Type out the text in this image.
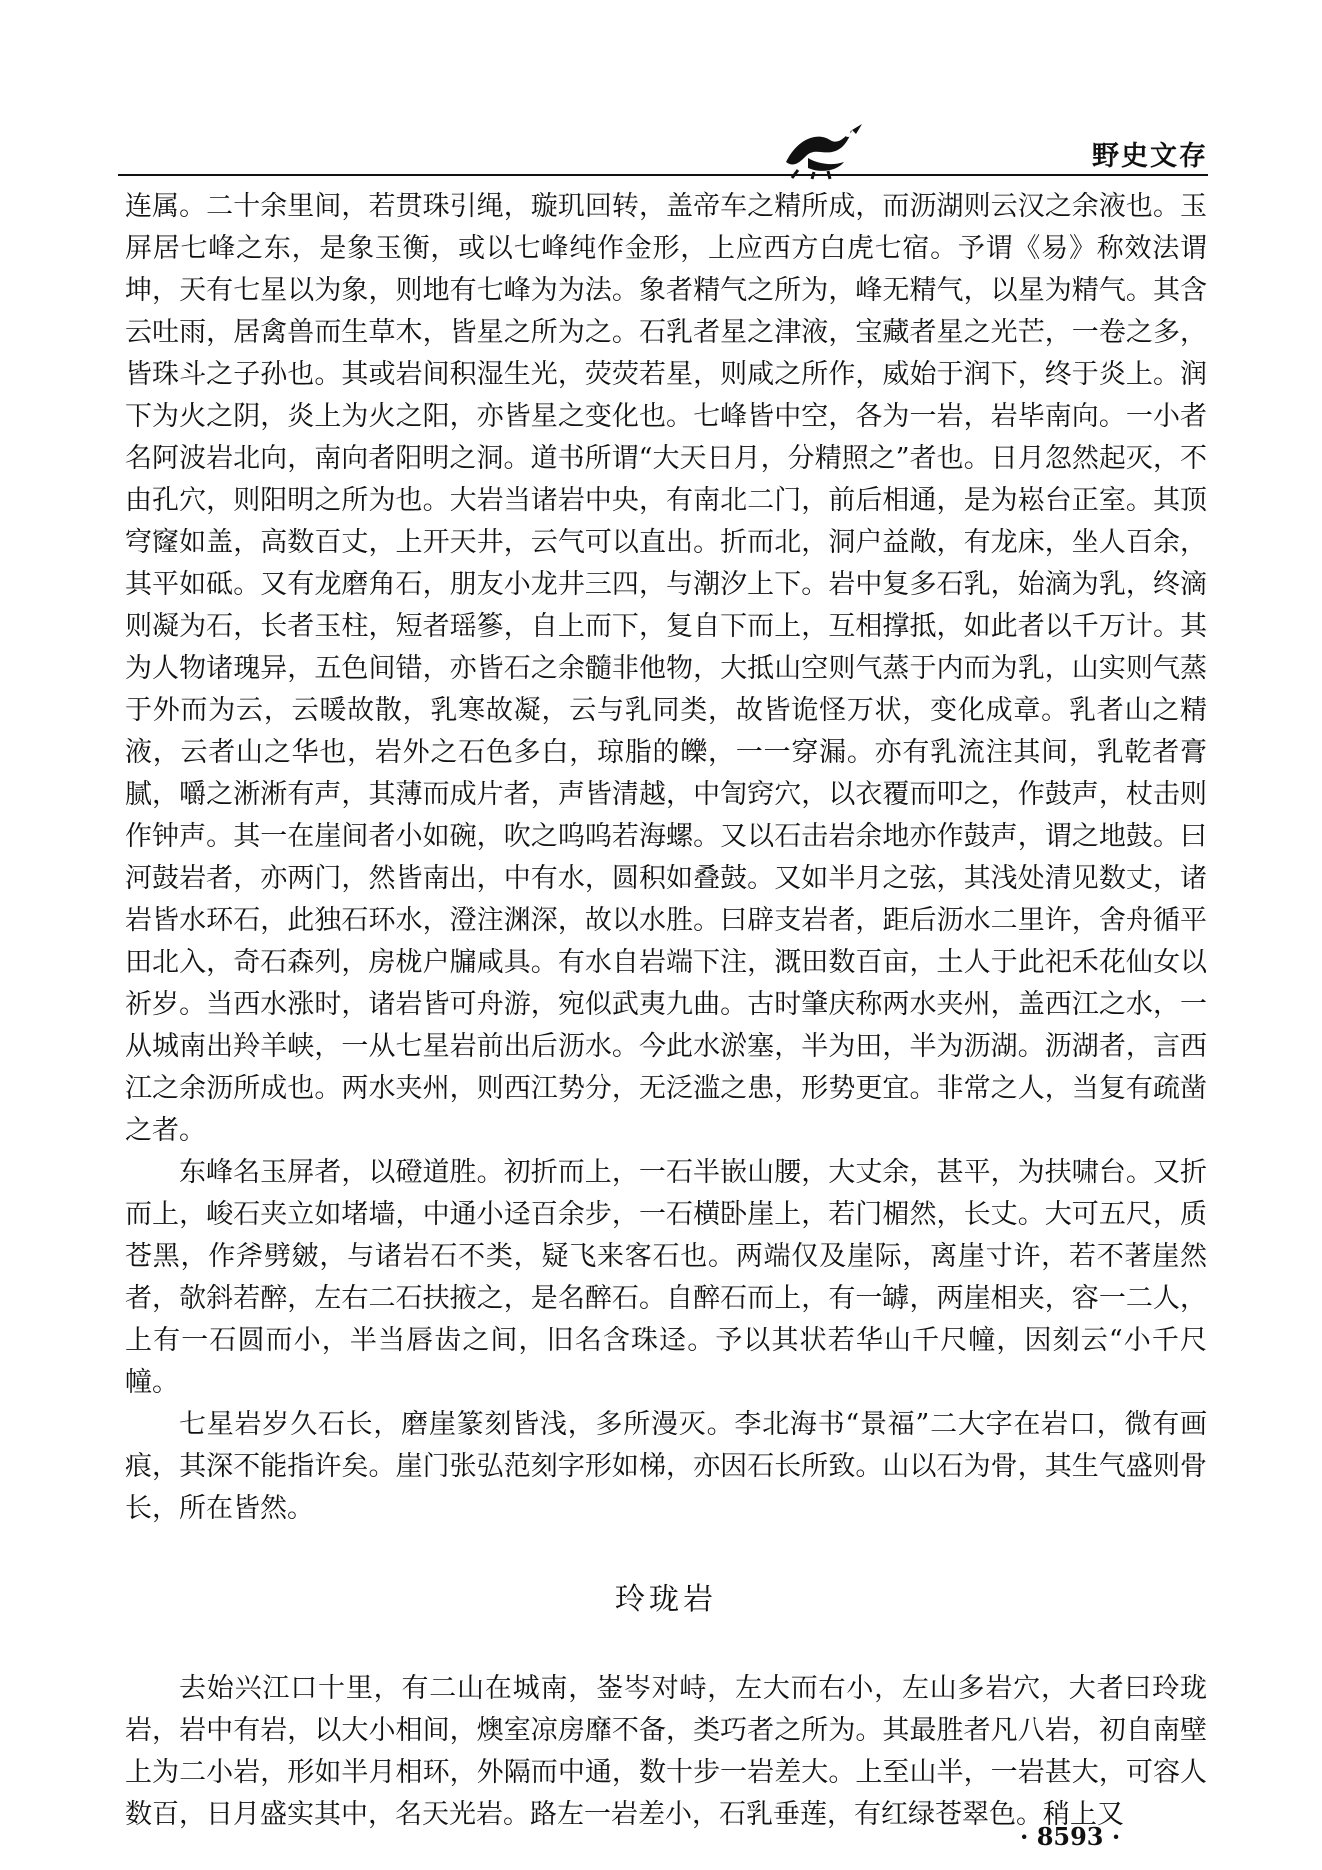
野史文存

连属。二十余里间，若贯珠引绳，璇玑回转，盖帝车之精所成，而沥湖则云汉之余液也。玉屏居七峰之东，是象玉衡，或以七峰纯作金形，上应西方白虎七宿。予谓《易》称效法谓坤，天有七星以为象，则地有七峰为为法。象者精气之所为，峰无精气，以星为精气。其含云吐雨，居禽兽而生草木，皆星之所为之。石乳者星之津液，宝藏者星之光芒，一卷之多，皆珠斗之子孙也。其或岩间积湿生光，荧荧若星，则咸之所作，威始于润下，终于炎上。润下为火之阴，炎上为火之阳，亦皆星之变化也。七峰皆中空，各为一岩，岩毕南向。一小者名阿波岩北向，南向者阳明之洞。道书所谓“大天日月，分精照之”者也。日月忽然起灭，不由孔穴，则阳明之所为也。大岩当诸岩中央，有南北二门，前后相通，是为崧台正室。其顶穹窿如盖，高数百丈，上开天井，云气可以直出。折而北，洞户益敞，有龙床，坐人百余，其平如砥。又有龙磨角石，朋友小龙井三四，与潮汐上下。岩中复多石乳，始滴为乳，终滴则凝为石，长者玉柱，短者瑶篸，自上而下，复自下而上，互相撑抵，如此者以千万计。其为人物诸瑰异，五色间错，亦皆石之余髓非他物，大抵山空则气蒸于内而为乳，山实则气蒸于外而为云，云暖故散，乳寒故凝，云与乳同类，故皆诡怪万状，变化成章。乳者山之精液，云者山之华也，岩外之石色多白，琼脂的皪，一一穿漏。亦有乳流注其间，乳乾者膏腻，嚼之淅淅有声，其薄而成片者，声皆清越，中訇窍穴，以衣覆而叩之，作鼓声，杖击则作钟声。其一在崖间者小如碗，吹之呜呜若海螺。又以石击岩余地亦作鼓声，谓之地鼓。曰河鼓岩者，亦两门，然皆南出，中有水，圆积如叠鼓。又如半月之弦，其浅处清见数丈，诸岩皆水环石，此独石环水，澄注渊深，故以水胜。曰辟支岩者，距后沥水二里许，舍舟循平田北入，奇石森列，房栊户牖咸具。有水自岩端下注，溉田数百亩，土人于此祀禾花仙女以祈岁。当西水涨时，诸岩皆可舟游，宛似武夷九曲。古时肇庆称两水夹州，盖西江之水，一从城南出羚羊峡，一从七星岩前出后沥水。今此水淤塞，半为田，半为沥湖。沥湖者，言西江之余沥所成也。两水夹州，则西江势分，无泛滥之患，形势更宜。非常之人，当复有疏凿之者。

东峰名玉屏者，以磴道胜。初折而上，一石半嵌山腰，大丈余，甚平，为扶啸台。又折而上，峻石夹立如堵墙，中通小迳百余步，一石横卧崖上，若门楣然，长丈。大可五尺，质苍黑，作斧劈皴，与诸岩石不类，疑飞来客石也。两端仅及崖际，离崖寸许，若不著崖然者，欹斜若醉，左右二石扶掖之，是名醉石。自醉石而上，有一罅，两崖相夹，容一二人，上有一石圆而小，半当唇齿之间，旧名含珠迳。予以其状若华山千尺幢，因刻云“小千尺幢。

七星岩岁久石长，磨崖篆刻皆浅，多所漫灭。李北海书“景福”二大字在岩口，微有画痕，其深不能指许矣。崖门张弘范刻字形如梯，亦因石长所致。山以石为骨，其生气盛则骨长，所在皆然。

玲珑岩

去始兴江口十里，有二山在城南，崟岑对峙，左大而右小，左山多岩穴，大者曰玲珑岩，岩中有岩，以大小相间，燠室凉房靡不备，类巧者之所为。其最胜者凡八岩，初自南壁上为二小岩，形如半月相环，外隔而中通，数十步一岩差大。上至山半，一岩甚大，可容人数百，日月盛实其中，名天光岩。路左一岩差小，石乳垂莲，有红绿苍翠色。稍上又

· 8593 ·
